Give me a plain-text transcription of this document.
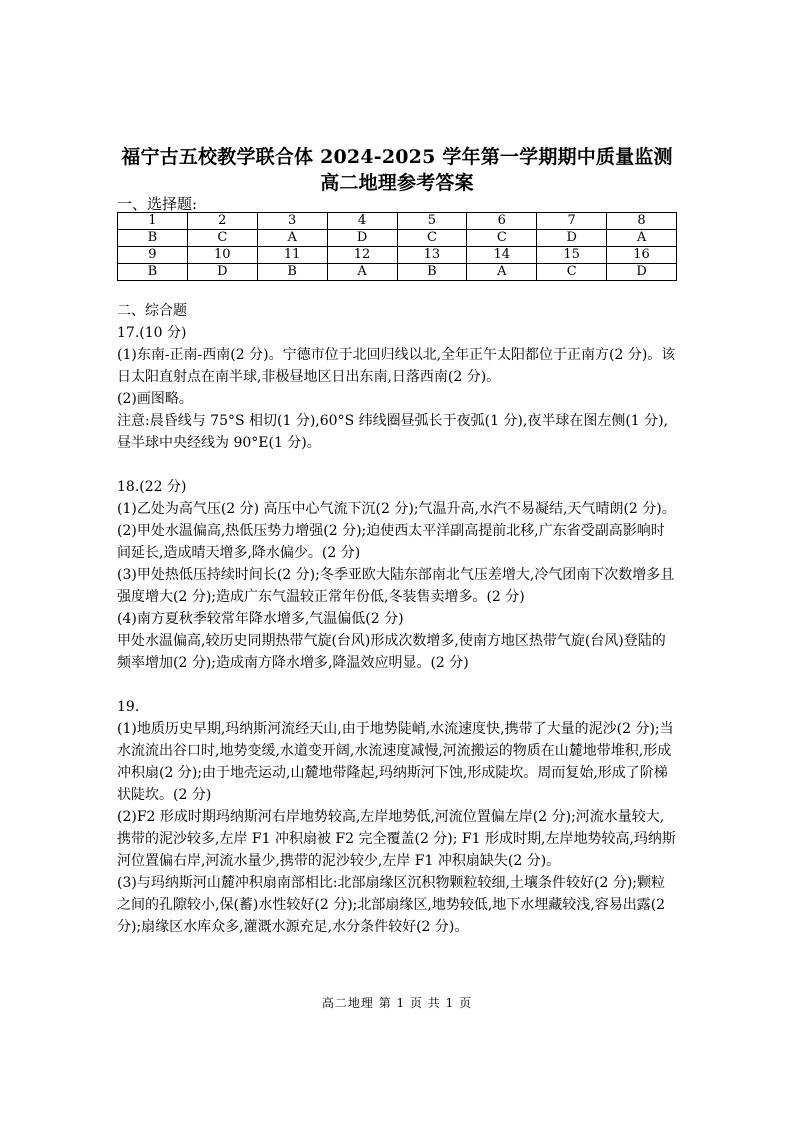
福宁古五校教学联合体 2024-2025 学年第一学期期中质量监测
高二地理参考答案
一、选择题:
1	2	3	4	5	6	7	8
B	C	A	D	C	C	D	A
9	10	11	12	13	14	15	16
B	D	B	A	B	A	C	D

二、综合题

17.(10 分)

(1)东南-正南-西南(2 分)。宁德市位于北回归线以北,全年正午太阳都位于正南方(2 分)。该日太阳直射点在南半球,非极昼地区日出东南,日落西南(2 分)。

(2)画图略。

注意:晨昏线与 75°S 相切(1 分),60°S 纬线圈昼弧长于夜弧(1 分),夜半球在图左侧(1 分),昼半球中央经线为 90°E(1 分)。

18.(22 分)

(1)乙处为高气压(2 分) 高压中心气流下沉(2 分);气温升高,水汽不易凝结,天气晴朗(2 分)。

(2)甲处水温偏高,热低压势力增强(2 分);迫使西太平洋副高提前北移,广东省受副高影响时间延长,造成晴天增多,降水偏少。(2 分)

(3)甲处热低压持续时间长(2 分);冬季亚欧大陆东部南北气压差增大,冷气团南下次数增多且强度增大(2 分);造成广东气温较正常年份低,冬装售卖增多。(2 分)

(4)南方夏秋季较常年降水增多,气温偏低(2 分)

甲处水温偏高,较历史同期热带气旋(台风)形成次数增多,使南方地区热带气旋(台风)登陆的频率增加(2 分);造成南方降水增多,降温效应明显。(2 分)

19.

(1)地质历史早期,玛纳斯河流经天山,由于地势陡峭,水流速度快,携带了大量的泥沙(2 分);当水流流出谷口时,地势变缓,水道变开阔,水流速度减慢,河流搬运的物质在山麓地带堆积,形成冲积扇(2 分);由于地壳运动,山麓地带隆起,玛纳斯河下蚀,形成陡坎。周而复始,形成了阶梯状陡坎。(2 分)

(2)F2 形成时期玛纳斯河右岸地势较高,左岸地势低,河流位置偏左岸(2 分);河流水量较大,携带的泥沙较多,左岸 F1 冲积扇被 F2 完全覆盖(2 分); F1 形成时期,左岸地势较高,玛纳斯河位置偏右岸,河流水量少,携带的泥沙较少,左岸 F1 冲积扇缺失(2 分)。

(3)与玛纳斯河山麓冲积扇南部相比:北部扇缘区沉积物颗粒较细,土壤条件较好(2 分);颗粒之间的孔隙较小,保(蓄)水性较好(2 分);北部扇缘区,地势较低,地下水埋藏较浅,容易出露(2 分);扇缘区水库众多,灌溉水源充足,水分条件较好(2 分)。

高二地理 第 1 页 共 1 页
